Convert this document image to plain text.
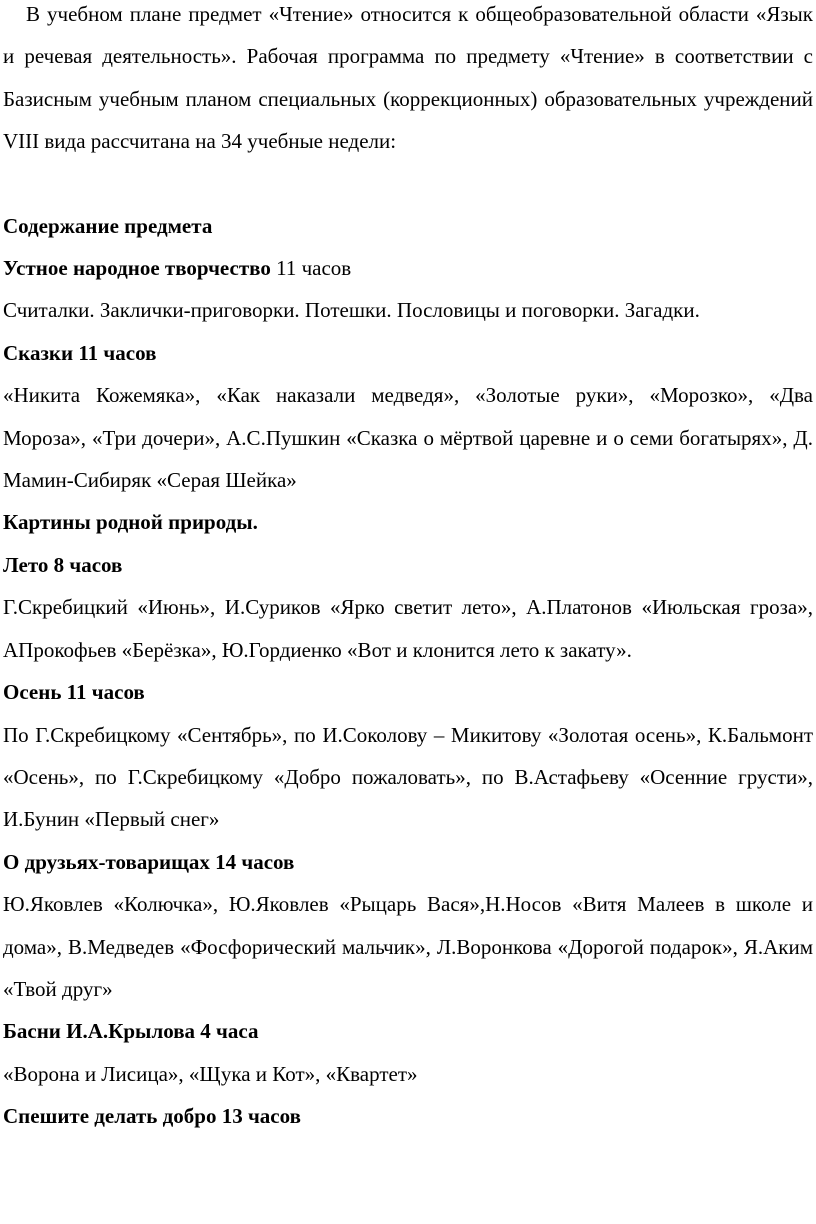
В учебном плане предмет «Чтение» относится к общеобразовательной области «Язык и речевая деятельность». Рабочая программа по предмету «Чтение» в соответствии с Базисным учебным планом специальных (коррекционных) образовательных учреждений VIII вида рассчитана на 34 учебные недели:

Содержание предмета

Устное народное творчество 11 часов

Считалки. Заклички-приговорки. Потешки. Пословицы и поговорки. Загадки.

Сказки 11 часов

«Никита Кожемяка», «Как наказали медведя», «Золотые руки», «Морозко», «Два Мороза», «Три дочери», А.С.Пушкин «Сказка о мёртвой царевне и о семи богатырях», Д. Мамин-Сибиряк «Серая Шейка»

Картины родной природы.

Лето 8 часов

Г.Скребицкий «Июнь», И.Суриков «Ярко светит лето», А.Платонов «Июльская гроза», АПрокофьев «Берёзка», Ю.Гордиенко «Вот и клонится лето к закату».

Осень 11 часов

По Г.Скребицкому «Сентябрь», по И.Соколову – Микитову «Золотая осень», К.Бальмонт «Осень», по Г.Скребицкому «Добро пожаловать», по В.Астафьеву «Осенние грусти», И.Бунин «Первый снег»

О друзьях-товарищах 14 часов

Ю.Яковлев «Колючка», Ю.Яковлев «Рыцарь Вася»,Н.Носов «Витя Малеев в школе и дома», В.Медведев «Фосфорический мальчик», Л.Воронкова «Дорогой подарок», Я.Аким «Твой друг»

Басни И.А.Крылова 4 часа

«Ворона и Лисица», «Щука и Кот», «Квартет»

Спешите делать добро 13 часов
